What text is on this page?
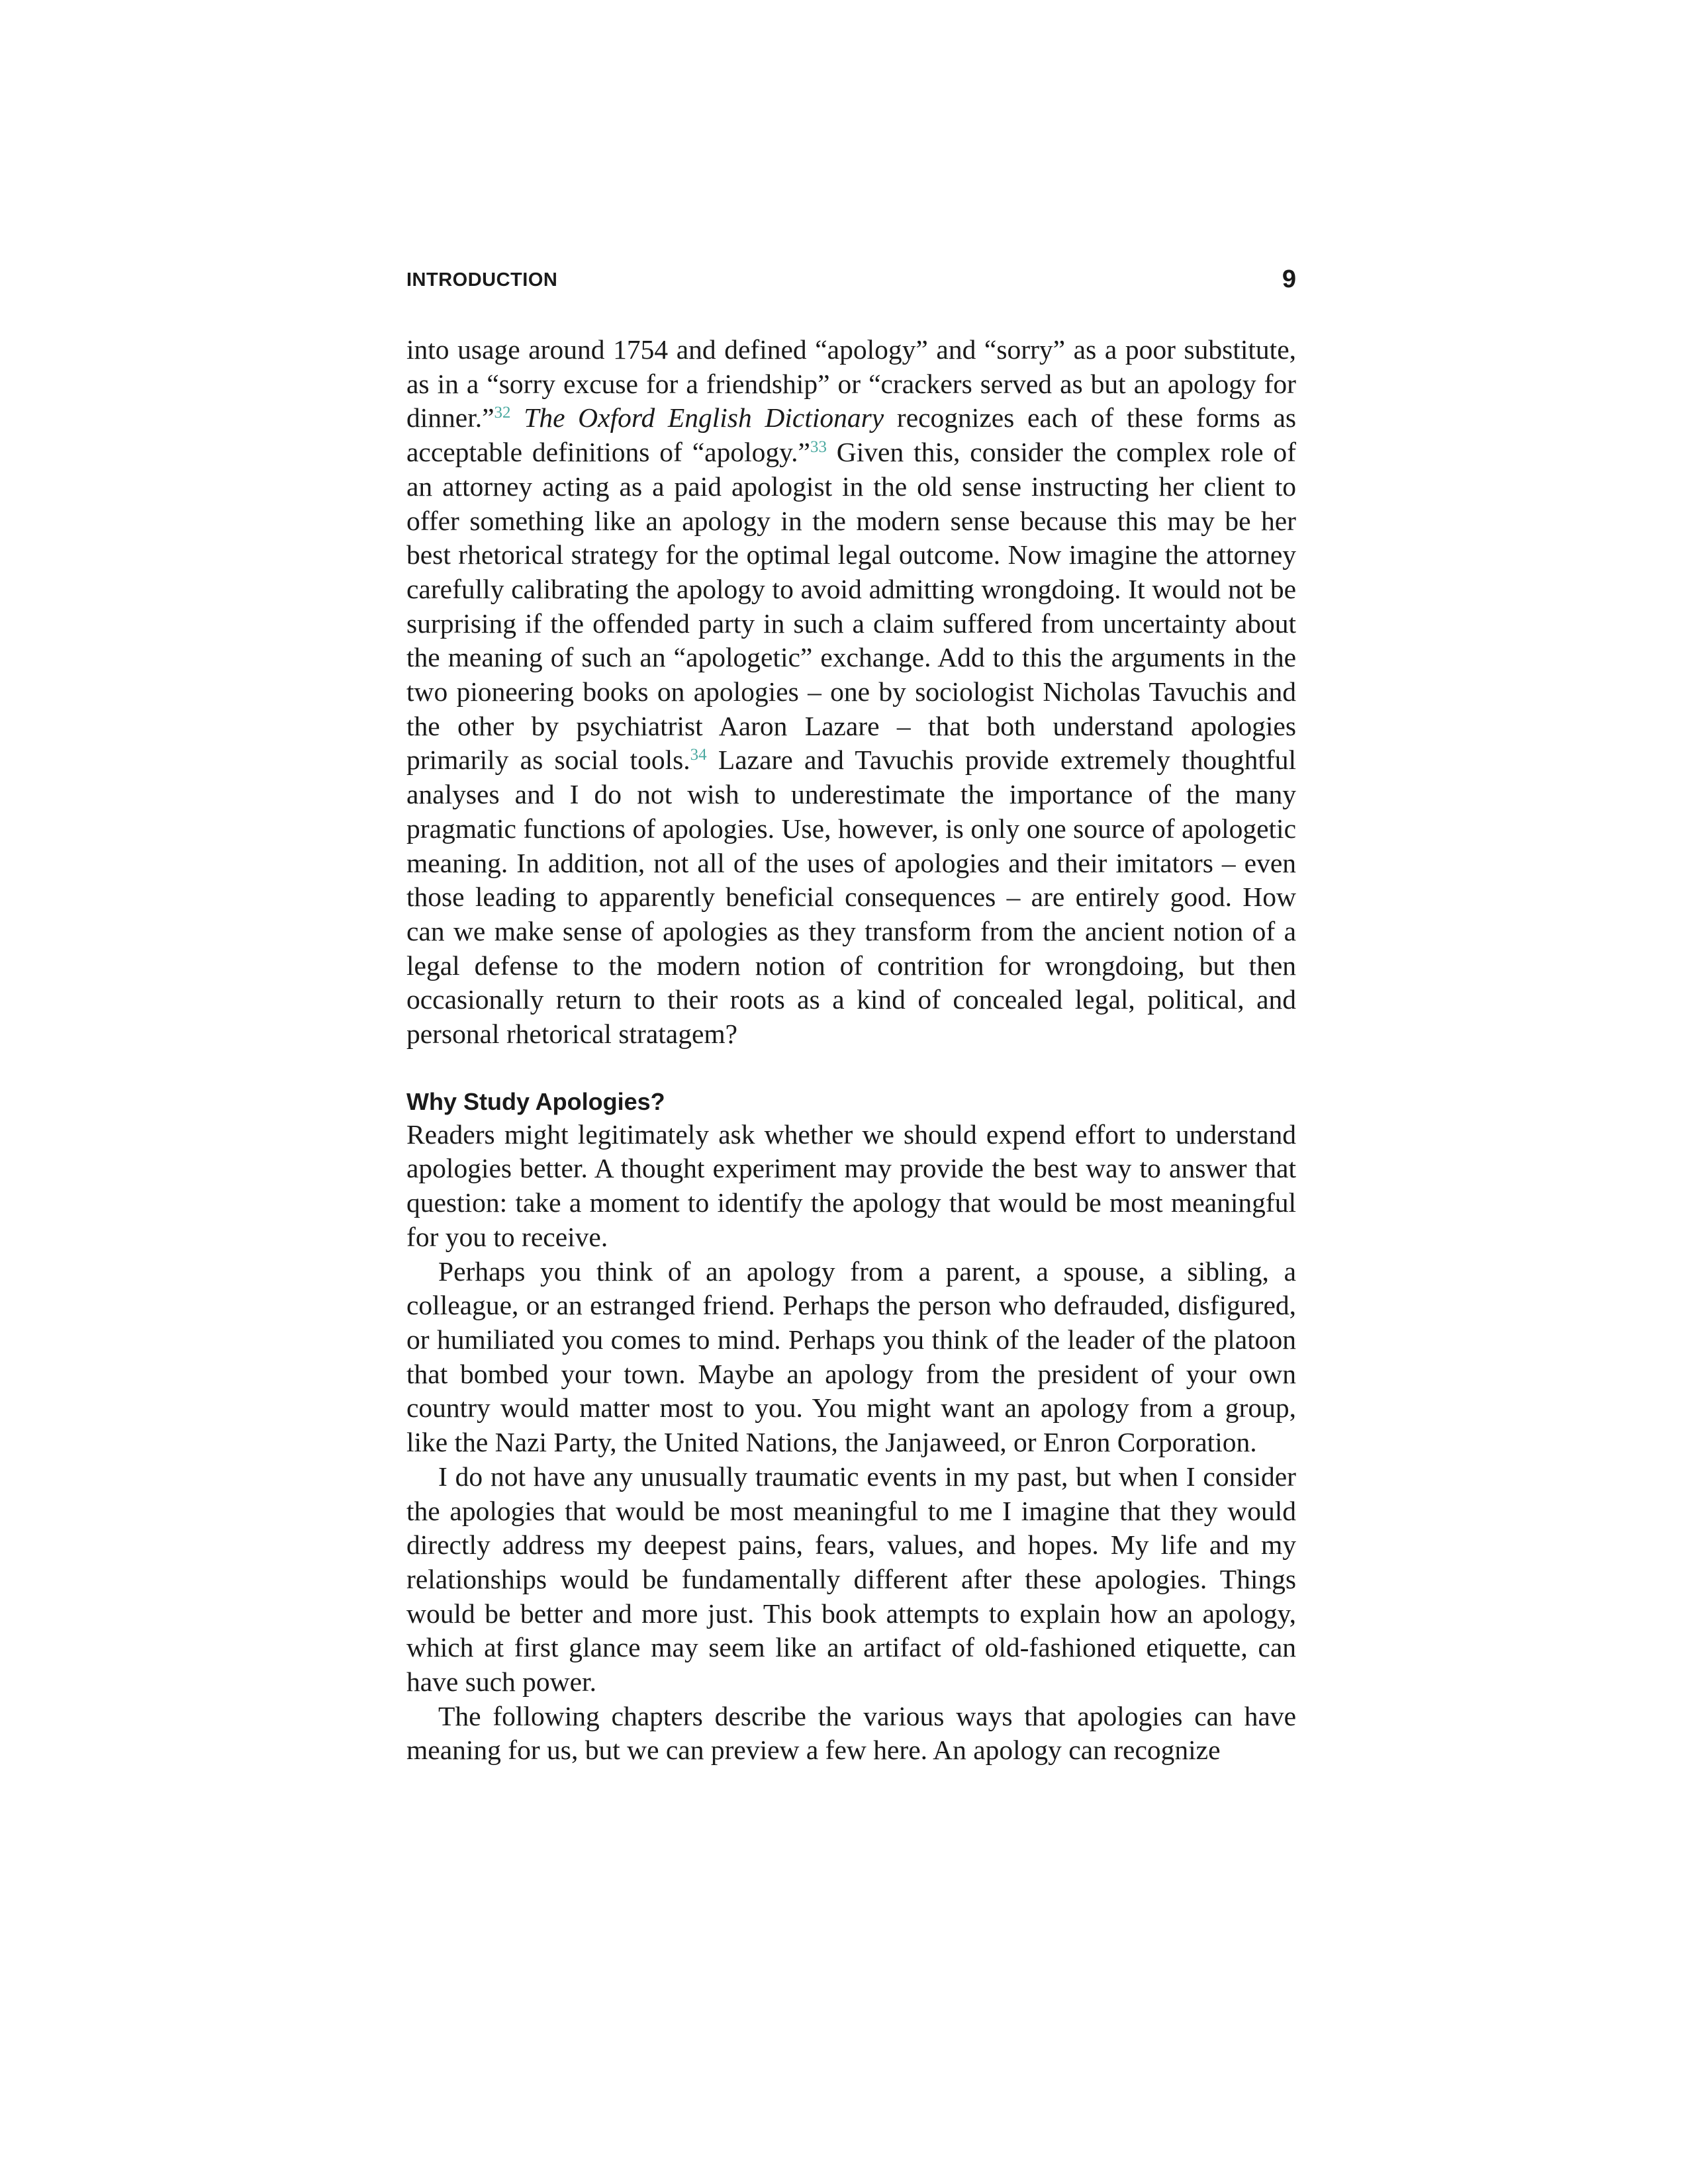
INTRODUCTION	9

into usage around 1754 and defined “apology” and “sorry” as a poor substitute, as in a “sorry excuse for a friendship” or “crackers served as but an apology for dinner.”$^{32}$ The Oxford English Dictionary recognizes each of these forms as acceptable definitions of “apology.”$^{33}$ Given this, consider the complex role of an attorney acting as a paid apologist in the old sense instructing her client to offer something like an apology in the modern sense because this may be her best rhetorical strategy for the optimal legal outcome. Now imagine the attorney carefully calibrating the apology to avoid admitting wrongdoing. It would not be surprising if the offended party in such a claim suffered from uncertainty about the meaning of such an “apologetic” exchange. Add to this the arguments in the two pioneering books on apologies – one by sociologist Nicholas Tavuchis and the other by psychiatrist Aaron Lazare – that both understand apologies primarily as social tools.$^{34}$ Lazare and Tavuchis provide extremely thoughtful analyses and I do not wish to underestimate the importance of the many pragmatic functions of apologies. Use, however, is only one source of apologetic meaning. In addition, not all of the uses of apologies and their imitators – even those leading to apparently beneficial consequences – are entirely good. How can we make sense of apologies as they transform from the ancient notion of a legal defense to the modern notion of contrition for wrongdoing, but then occasionally return to their roots as a kind of concealed legal, political, and personal rhetorical stratagem?

Why Study Apologies?

Readers might legitimately ask whether we should expend effort to understand apologies better. A thought experiment may provide the best way to answer that question: take a moment to identify the apology that would be most meaningful for you to receive.

Perhaps you think of an apology from a parent, a spouse, a sibling, a colleague, or an estranged friend. Perhaps the person who defrauded, disfigured, or humiliated you comes to mind. Perhaps you think of the leader of the platoon that bombed your town. Maybe an apology from the president of your own country would matter most to you. You might want an apology from a group, like the Nazi Party, the United Nations, the Janjaweed, or Enron Corporation.

I do not have any unusually traumatic events in my past, but when I consider the apologies that would be most meaningful to me I imagine that they would directly address my deepest pains, fears, values, and hopes. My life and my relationships would be fundamentally different after these apologies. Things would be better and more just. This book attempts to explain how an apology, which at first glance may seem like an artifact of old-fashioned etiquette, can have such power.

The following chapters describe the various ways that apologies can have meaning for us, but we can preview a few here. An apology can recognize
